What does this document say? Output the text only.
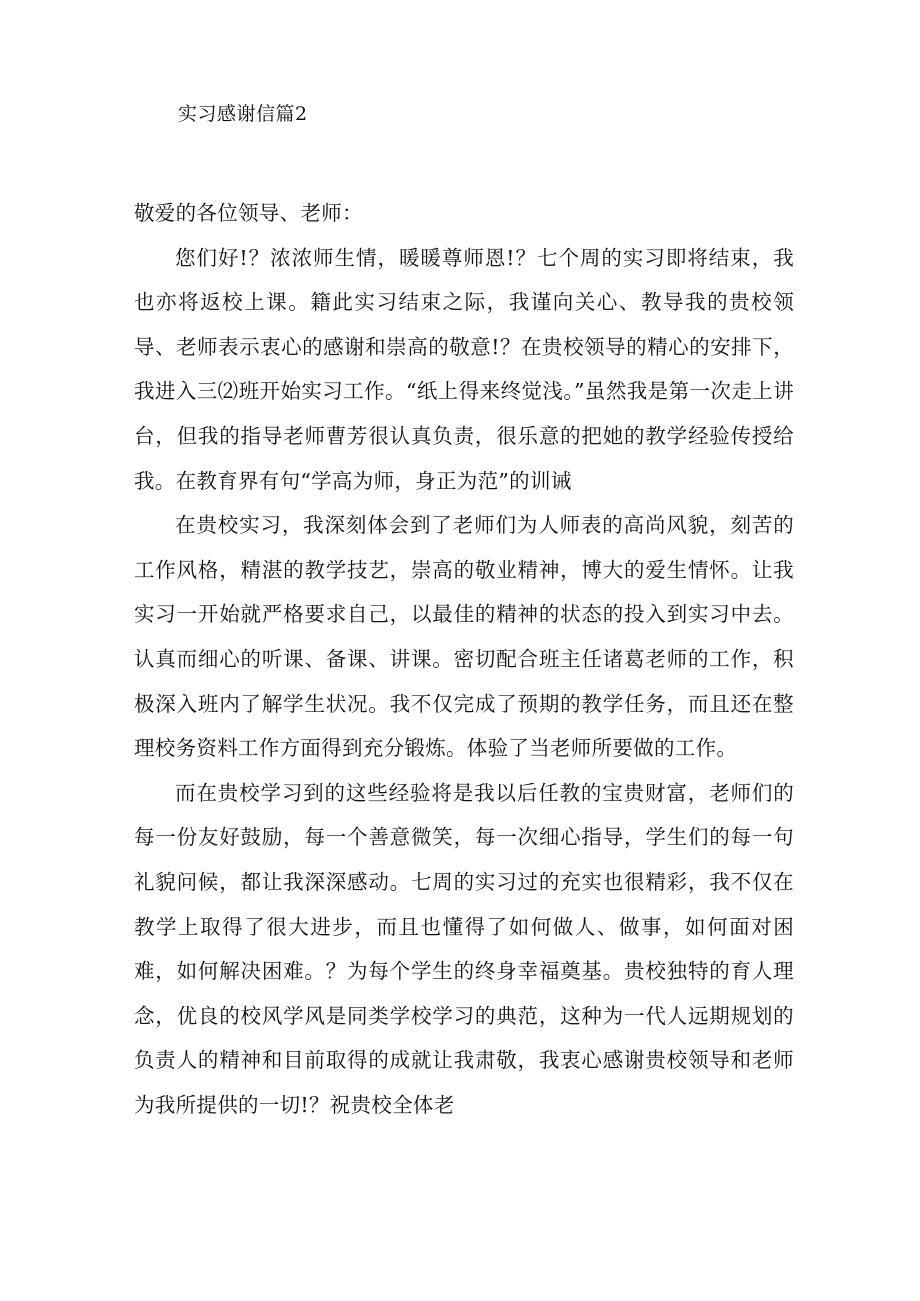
实习感谢信篇2

敬爱的各位领导、老师：

您们好!？浓浓师生情，暖暖尊师恩!？七个周的实习即将结束，我也亦将返校上课。籍此实习结束之际，我谨向关心、教导我的贵校领导、老师表示衷心的感谢和崇高的敬意!？在贵校领导的精心的安排下，我进入三⑵班开始实习工作。“纸上得来终觉浅。”虽然我是第一次走上讲台，但我的指导老师曹芳很认真负责，很乐意的把她的教学经验传授给我。在教育界有句“学高为师，身正为范”的训诫

在贵校实习，我深刻体会到了老师们为人师表的高尚风貌，刻苦的工作风格，精湛的教学技艺，崇高的敬业精神，博大的爱生情怀。让我实习一开始就严格要求自己，以最佳的精神的状态的投入到实习中去。认真而细心的听课、备课、讲课。密切配合班主任诸葛老师的工作，积极深入班内了解学生状况。我不仅完成了预期的教学任务，而且还在整理校务资料工作方面得到充分锻炼。体验了当老师所要做的工作。

而在贵校学习到的这些经验将是我以后任教的宝贵财富，老师们的每一份友好鼓励，每一个善意微笑，每一次细心指导，学生们的每一句礼貌问候，都让我深深感动。七周的实习过的充实也很精彩，我不仅在教学上取得了很大进步，而且也懂得了如何做人、做事，如何面对困难，如何解决困难。？为每个学生的终身幸福奠基。贵校独特的育人理念，优良的校风学风是同类学校学习的典范，这种为一代人远期规划的负责人的精神和目前取得的成就让我肃敬，我衷心感谢贵校领导和老师为我所提供的一切!？祝贵校全体老
